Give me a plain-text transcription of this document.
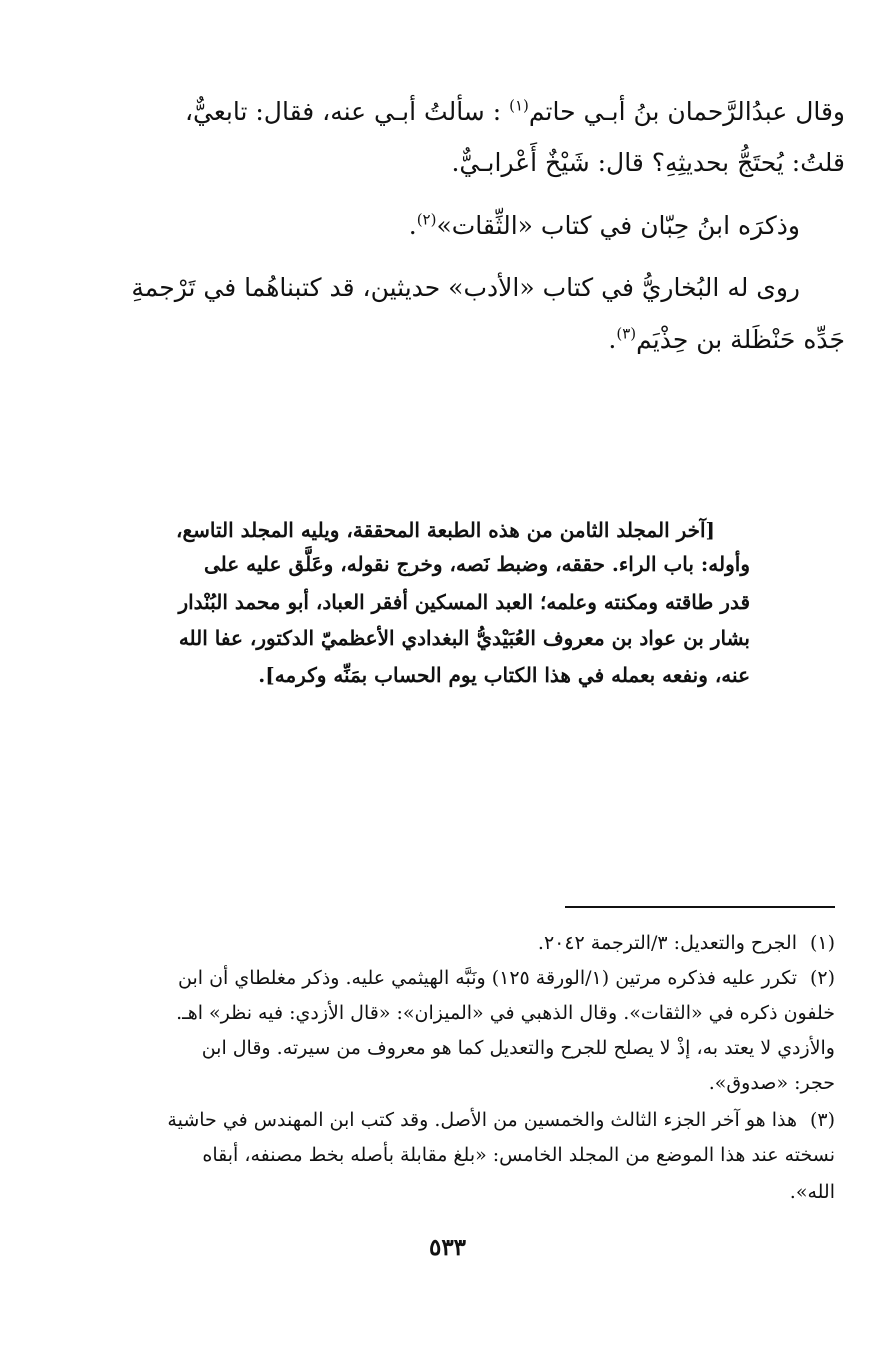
وقال عبدُالرَّحمان بنُ أبـي حاتم$^{(١)}$ : سألتُ أبـي عنه، فقال: تابعيٌّ،
قلتُ: يُحتَجُّ بحديثِهِ؟ قال: شَيْخٌ أَعْرابـيٌّ.
وذكرَه ابنُ حِبّان في كتاب «الثِّقات»$^{(٢)}$.
روى له البُخاريُّ في كتاب «الأدب» حديثين، قد كتبناهُما في تَرْجمةِ
جَدِّه حَنْظَلة بن حِذْيَم$^{(٣)}$.
[آخر المجلد الثامن من هذه الطبعة المحققة، ويليه المجلد التاسع،
وأوله: باب الراء. حققه، وضبط نَصه، وخرج نقوله، وعَلَّق عليه على
قدر طاقته ومكنته وعلمه؛ العبد المسكين أفقر العباد، أبو محمد البُنْدار
بشار بن عواد بن معروف العُبَيْديُّ البغدادي الأعظميّ الدكتور، عفا الله
عنه، ونفعه بعمله في هذا الكتاب يوم الحساب بمَنِّه وكرمه].
(١)
الجرح والتعديل: ٣/الترجمة ٢٠٤٢.
(٢)
تكرر عليه فذكره مرتين (١/الورقة ١٢٥) ونَبَّه الهيثمي عليه. وذكر مغلطاي أن ابن
خلفون ذكره في «الثقات». وقال الذهبي في «الميزان»: «قال الأزدي: فيه نظر» اهـ.
والأزدي لا يعتد به، إذْ لا يصلح للجرح والتعديل كما هو معروف من سيرته. وقال ابن
حجر: «صدوق».
(٣)
هذا هو آخر الجزء الثالث والخمسين من الأصل. وقد كتب ابن المهندس في حاشية
نسخته عند هذا الموضع من المجلد الخامس: «بلغ مقابلة بأصله بخط مصنفه، أبقاه
الله».
٥٣٣
